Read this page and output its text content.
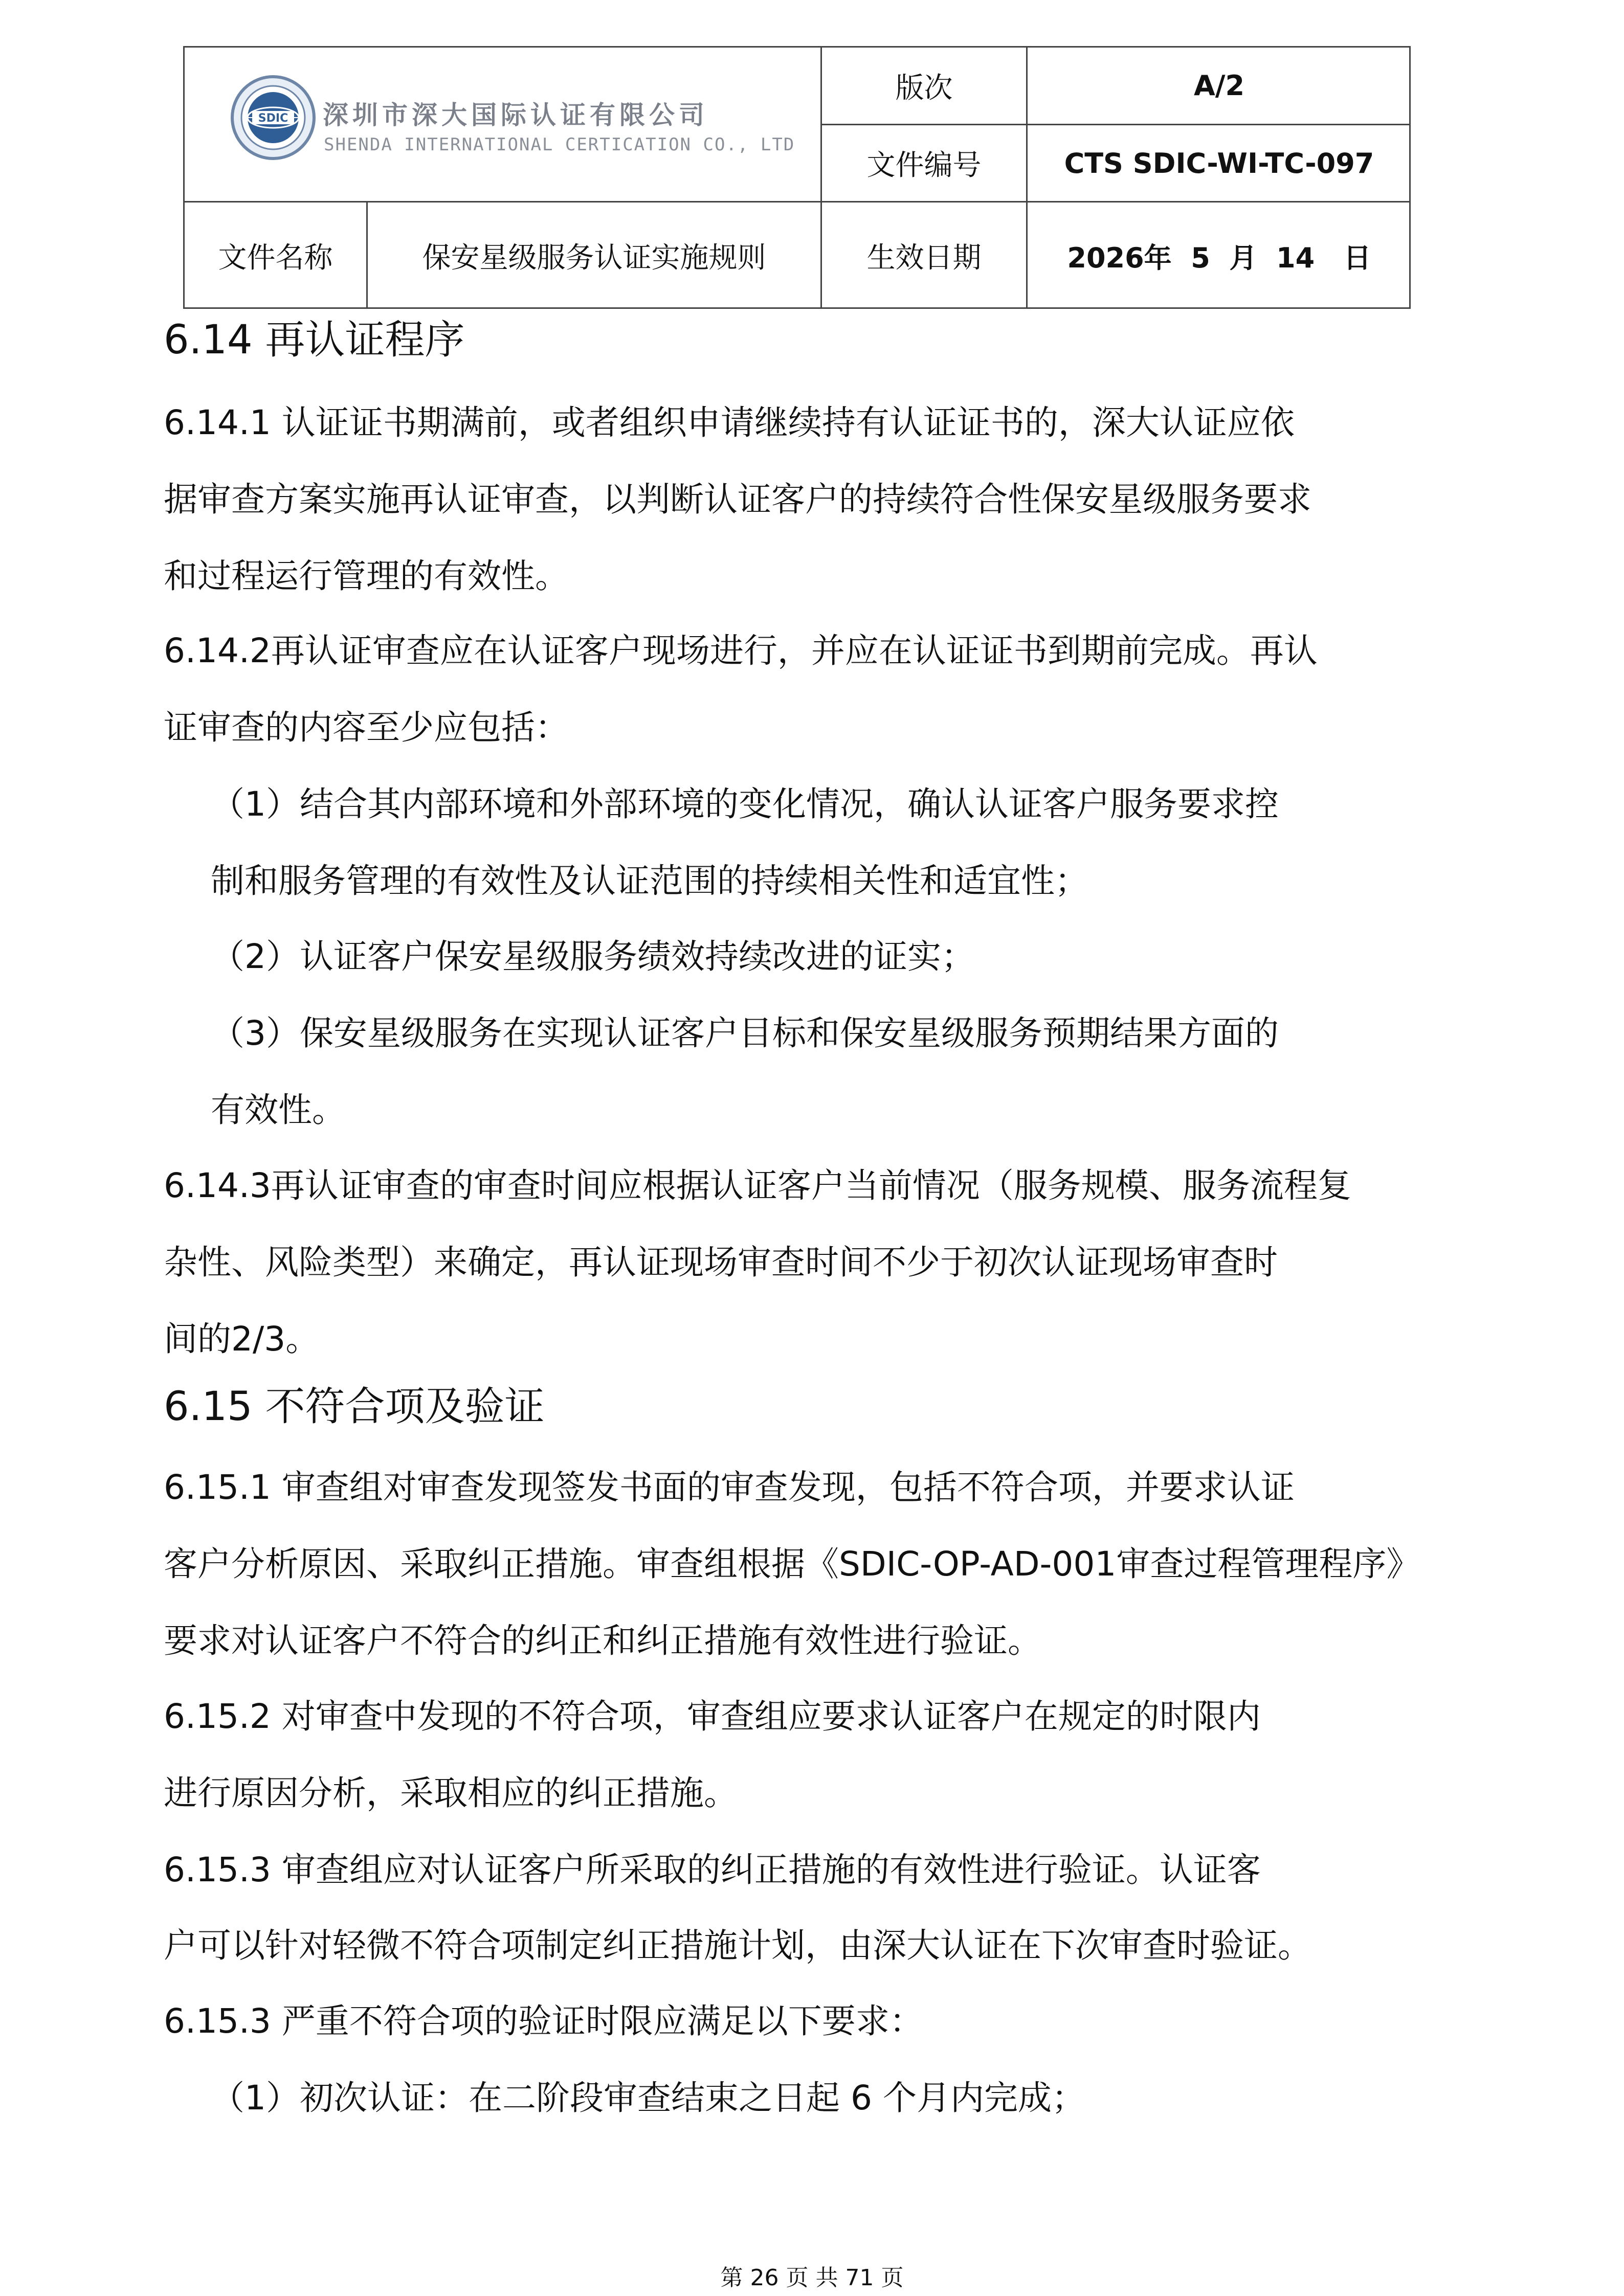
SDIC 深圳市深大国际认证有限公司
SHENDA INTERNATIONAL CERTICATION CO., LTD
版次	A/2
文件编号	CTS SDIC-WI-TC-097
文件名称	保安星级服务认证实施规则	生效日期	2026年  5  月  14   日
6.14 再认证程序
6.14.1 认证证书期满前，或者组织申请继续持有认证证书的，深大认证应依
据审查方案实施再认证审查，以判断认证客户的持续符合性保安星级服务要求
和过程运行管理的有效性。
6.14.2再认证审查应在认证客户现场进行，并应在认证证书到期前完成。再认
证审查的内容至少应包括：
（1）结合其内部环境和外部环境的变化情况，确认认证客户服务要求控
制和服务管理的有效性及认证范围的持续相关性和适宜性；
（2）认证客户保安星级服务绩效持续改进的证实；
（3）保安星级服务在实现认证客户目标和保安星级服务预期结果方面的
有效性。
6.14.3再认证审查的审查时间应根据认证客户当前情况（服务规模、服务流程复
杂性、风险类型）来确定，再认证现场审查时间不少于初次认证现场审查时
间的2/3。
6.15 不符合项及验证
6.15.1 审查组对审查发现签发书面的审查发现，包括不符合项，并要求认证
客户分析原因、采取纠正措施。审查组根据《SDIC-OP-AD-001审查过程管理程序》
要求对认证客户不符合的纠正和纠正措施有效性进行验证。
6.15.2 对审查中发现的不符合项，审查组应要求认证客户在规定的时限内
进行原因分析，采取相应的纠正措施。
6.15.3 审查组应对认证客户所采取的纠正措施的有效性进行验证。认证客
户可以针对轻微不符合项制定纠正措施计划，由深大认证在下次审查时验证。
6.15.3 严重不符合项的验证时限应满足以下要求：
（1）初次认证：在二阶段审查结束之日起 6 个月内完成；
第 26 页 共 71 页
